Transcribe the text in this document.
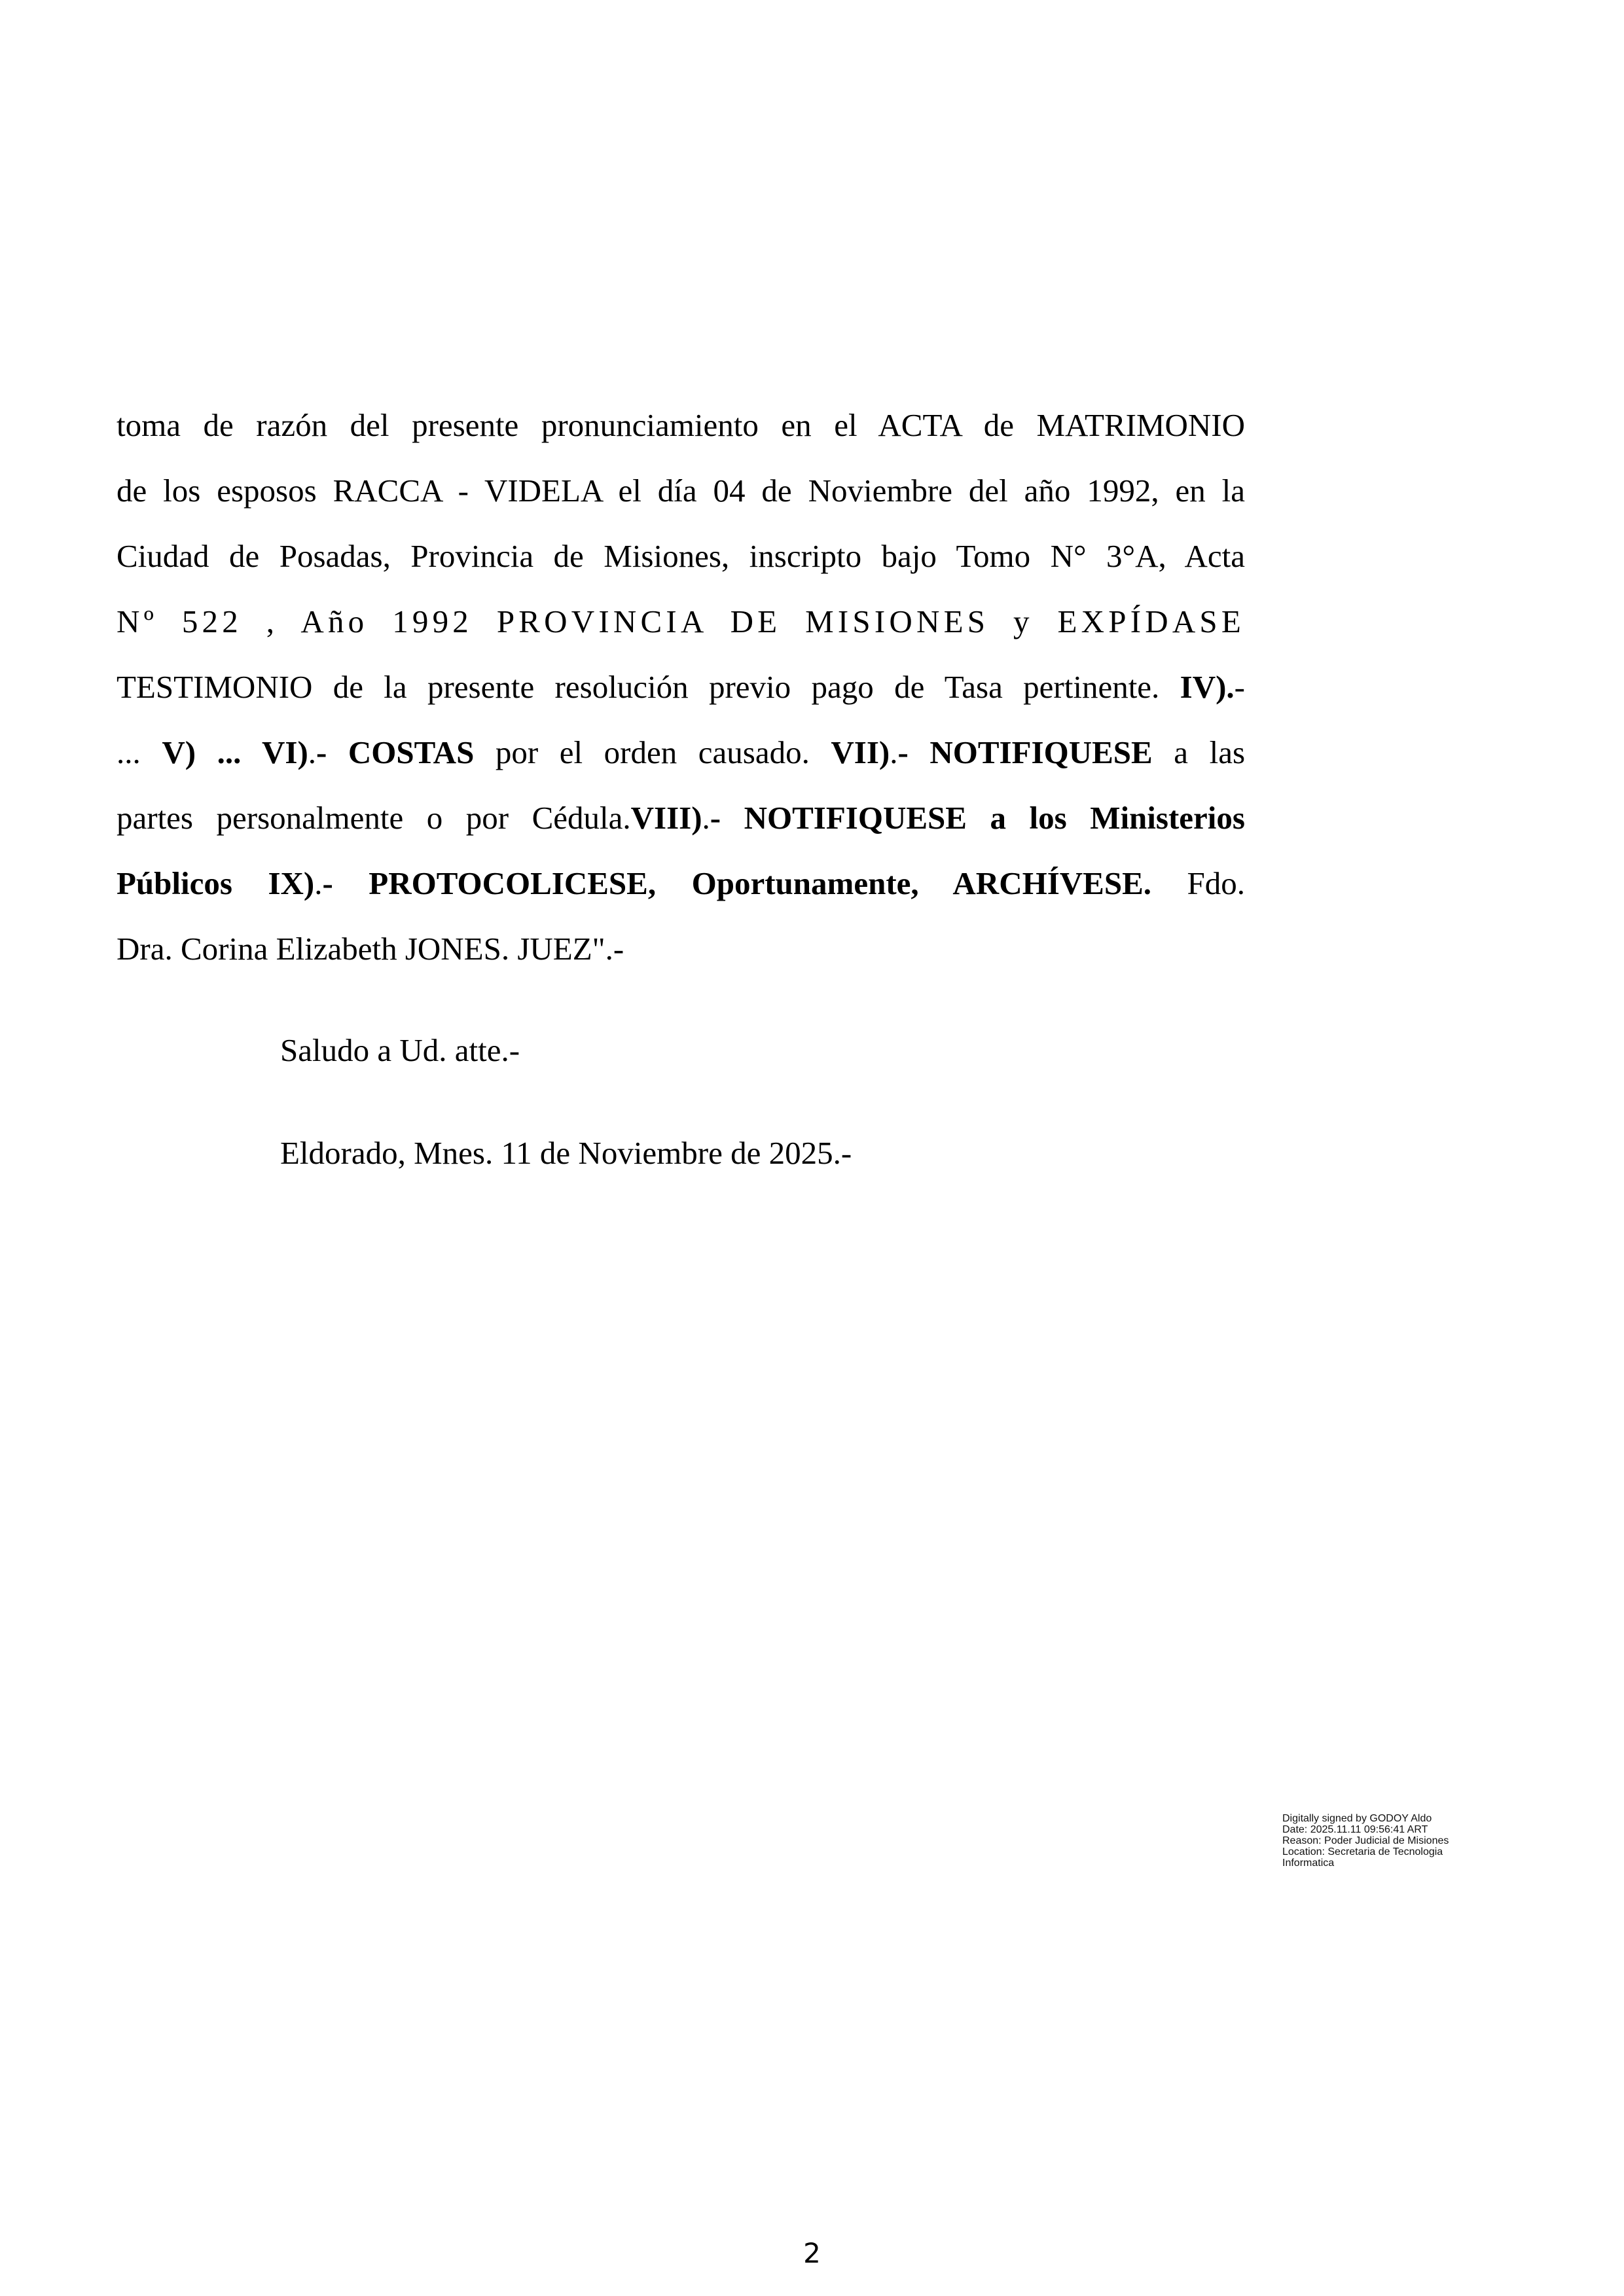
toma de razón del presente pronunciamiento en el ACTA de MATRIMONIO
de los esposos RACCA - VIDELA el día 04 de Noviembre del año 1992, en la
Ciudad de Posadas, Provincia de Misiones, inscripto bajo Tomo N° 3°A, Acta
Nº 522 , Año 1992 PROVINCIA DE MISIONES y EXPÍDASE
TESTIMONIO de la presente resolución previo pago de Tasa pertinente. IV).-
... V) ... VI).- COSTAS por el orden causado. VII).- NOTIFIQUESE a las
partes personalmente o por Cédula.VIII).- NOTIFIQUESE a los Ministerios
Públicos IX).- PROTOCOLICESE, Oportunamente, ARCHÍVESE. Fdo.
Dra. Corina Elizabeth JONES. JUEZ".-

Saludo a Ud. atte.-

Eldorado, Mnes. 11 de Noviembre de 2025.-

Digitally signed by GODOY Aldo
Date: 2025.11.11 09:56:41 ART
Reason: Poder Judicial de Misiones
Location: Secretaria de Tecnologia
Informatica
2
